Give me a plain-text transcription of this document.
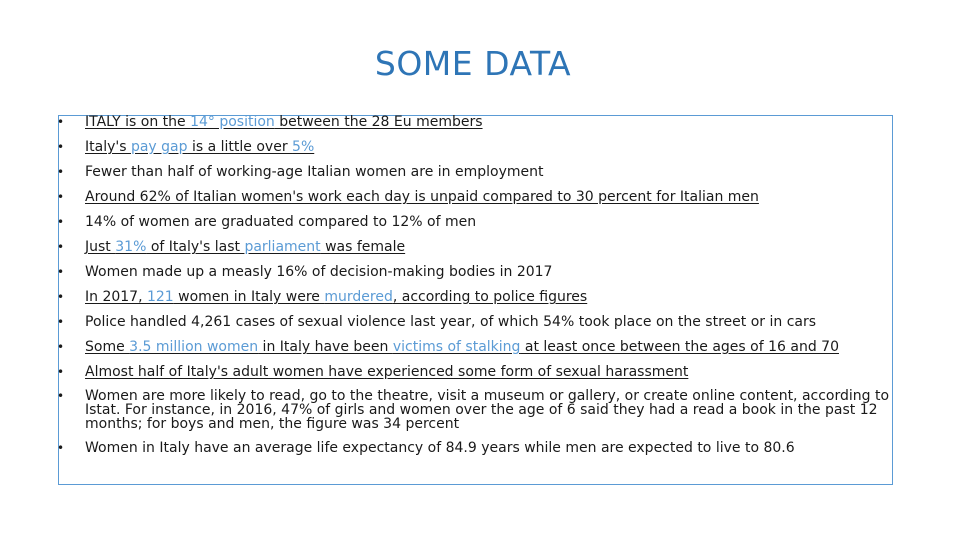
SOME DATA
• ITALY is on the 14° position between the 28 Eu members
• Italy's pay gap is a little over 5%
• Fewer than half of working-age Italian women are in employment
• Around 62% of Italian women's work each day is unpaid compared to 30 percent for Italian men
• 14% of women are graduated compared to 12% of men
• Just 31% of Italy's last parliament was female
• Women made up a measly 16% of decision-making bodies in 2017
• In 2017, 121 women in Italy were murdered, according to police figures
• Police handled 4,261 cases of sexual violence last year, of which 54% took place on the street or in cars
• Some 3.5 million women in Italy have been victims of stalking at least once between the ages of 16 and 70
• Almost half of Italy's adult women have experienced some form of sexual harassment
• Women are more likely to read, go to the theatre, visit a museum or gallery, or create online content, according to Istat. For instance, in 2016, 47% of girls and women over the age of 6 said they had a read a book in the past 12 months; for boys and men, the figure was 34 percent
• Women in Italy have an average life expectancy of 84.9 years while men are expected to live to 80.6
